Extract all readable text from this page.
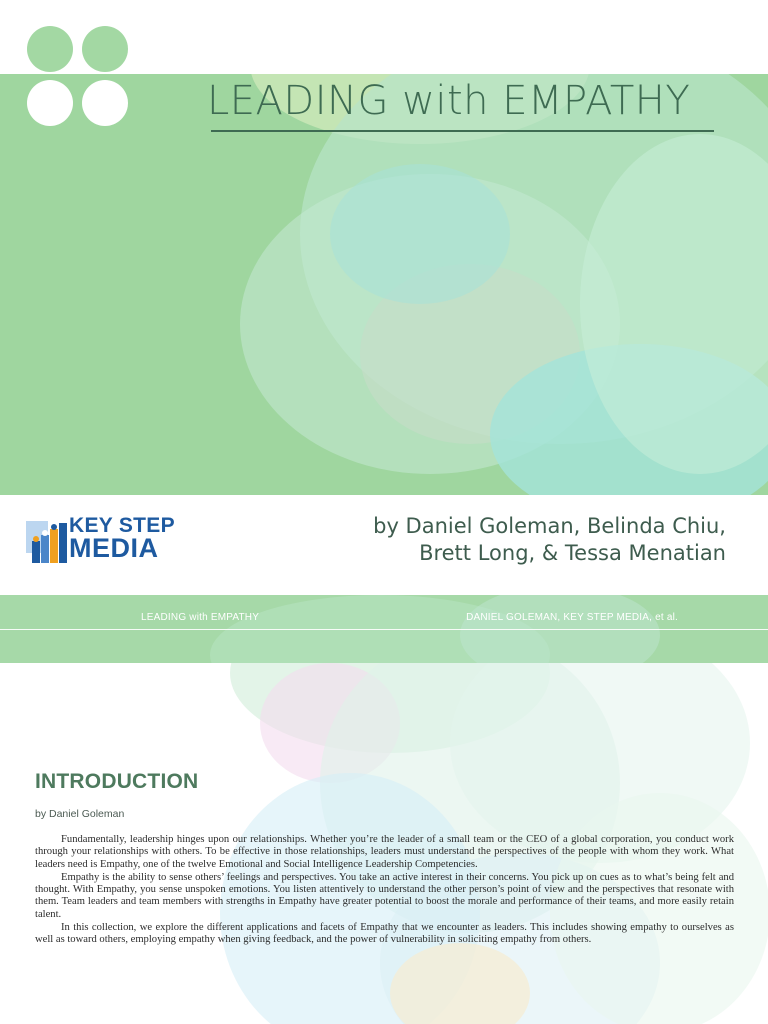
LEADING with EMPATHY

KEY STEP

MEDIA

by Daniel Goleman, Belinda Chiu,
Brett Long, & Tessa Menatian

LEADING with EMPATHY	DANIEL GOLEMAN, KEY STEP MEDIA, et al.

INTRODUCTION

by Daniel Goleman

Fundamentally, leadership hinges upon our relationships. Whether you’re the leader of a small team or the CEO of a global corporation, you conduct work through your relationships with others. To be effective in those relationships, leaders must understand the perspectives of the people with whom they work. What leaders need is Empathy, one of the twelve Emotional and Social Intelligence Leadership Competencies.

Empathy is the ability to sense others’ feelings and perspectives. You take an active interest in their concerns. You pick up on cues as to what’s being felt and thought. With Empathy, you sense unspoken emotions. You listen attentively to understand the other person’s point of view and the perspectives that resonate with them. Team leaders and team members with strengths in Empathy have greater potential to boost the morale and performance of their teams, and more easily retain talent.

In this collection, we explore the different applications and facets of Empathy that we encounter as leaders. This includes showing empathy to ourselves as well as toward others, employing empathy when giving feedback, and the power of vulnerability in soliciting empathy from others.
